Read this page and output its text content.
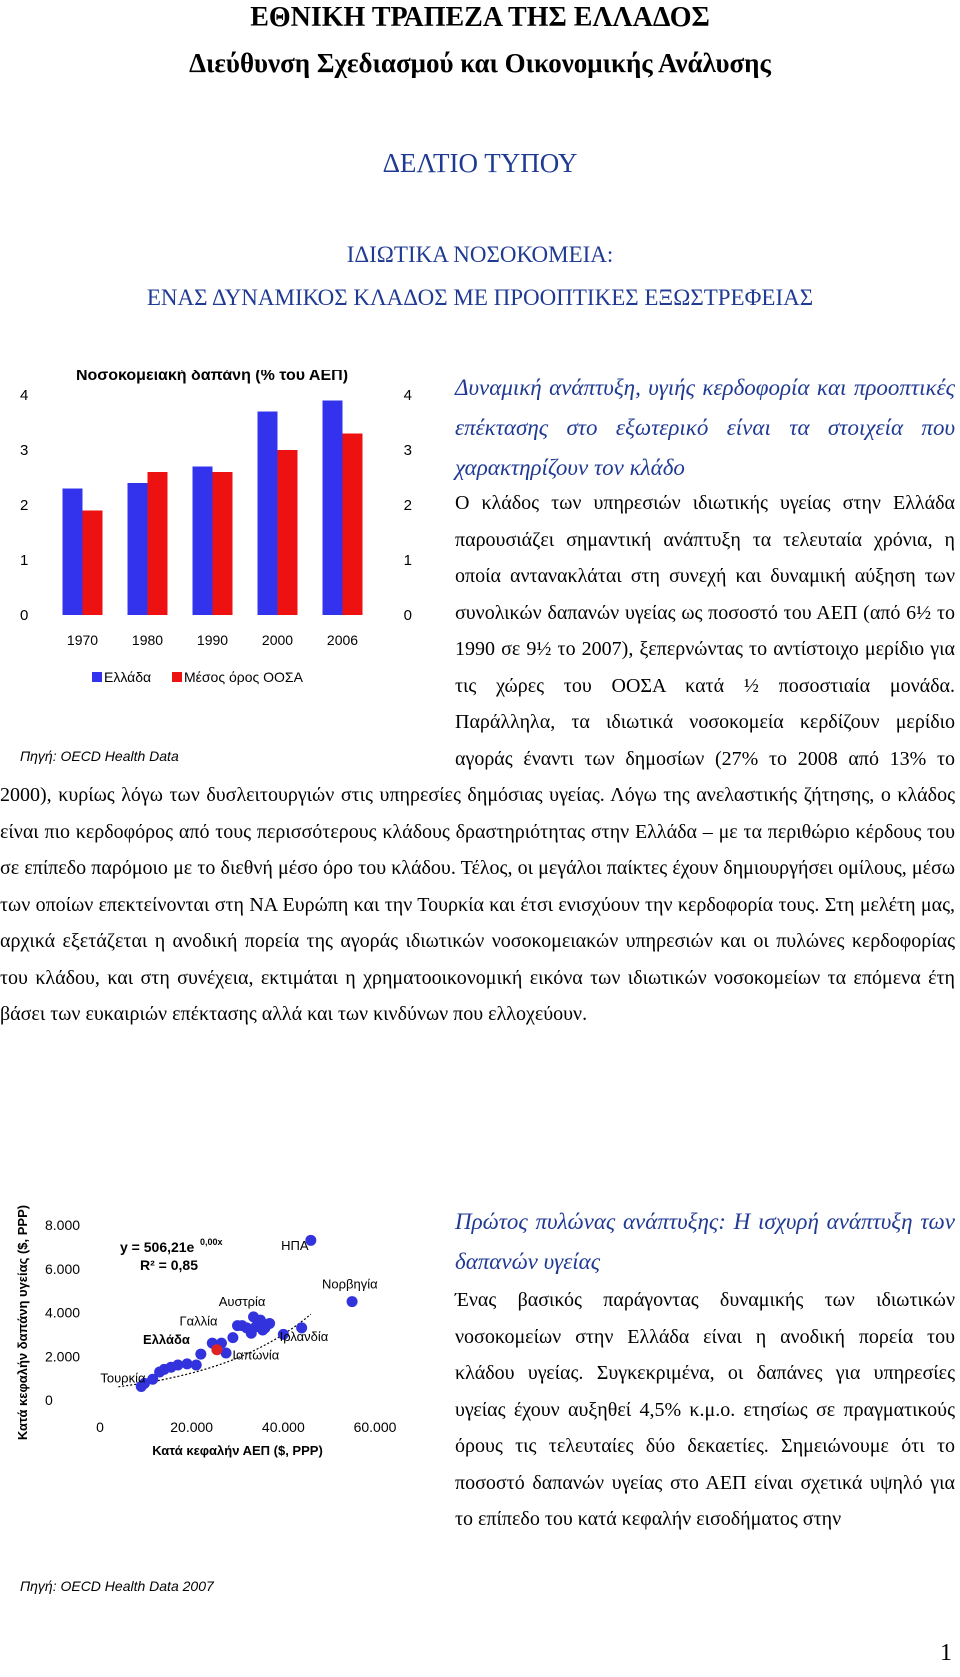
ΕΘΝΙΚΗ ΤΡΑΠΕΖΑ ΤΗΣ ΕΛΛΑΔΟΣ
Διεύθυνση Σχεδιασμού και Οικονομικής Ανάλυσης
ΔΕΛΤΙΟ ΤΥΠΟΥ
ΙΔΙΩΤΙΚΑ ΝΟΣΟΚΟΜΕΙΑ:
ΕΝΑΣ ΔΥΝΑΜΙΚΟΣ ΚΛΑΔΟΣ ΜΕ ΠΡΟΟΠΤΙΚΕΣ ΕΞΩΣΤΡΕΦΕΙΑΣ
Νοσοκομειακή δαπάνη (% του ΑΕΠ)
0	0
1	1
2	2
3	3
4	4
1970 1980 1990 2000 2006
Ελλάδα Μέσος όρος ΟΟΣΑ
Πηγή: OECD Health Data
Δυναμική ανάπτυξη, υγιής κερδοφορία και προοπτικές επέκτασης στο εξωτερικό είναι τα στοιχεία που χαρακτηρίζουν τον κλάδο
Ο κλάδος των υπηρεσιών ιδιωτικής υγείας στην Ελλάδα παρουσιάζει σημαντική ανάπτυξη τα τελευταία χρόνια, η οποία αντανακλάται στη συνεχή και δυναμική αύξηση των συνολικών δαπανών υγείας ως ποσοστό του ΑΕΠ (από 6½ το 1990 σε 9½ το 2007), ξεπερνώντας το αντίστοιχο μερίδιο για τις χώρες του ΟΟΣΑ κατά ½ ποσοστιαία μονάδα. Παράλληλα, τα ιδιωτικά νοσοκομεία κερδίζουν μερίδιο αγοράς έναντι των δημοσίων (27% το 2008 από 13% το 2000), κυρίως λόγω των δυσλειτουργιών στις υπηρεσίες δημόσιας υγείας. Λόγω της ανελαστικής ζήτησης, ο κλάδος είναι πιο κερδοφόρος από τους περισσότερους κλάδους δραστηριότητας στην Ελλάδα – με τα περιθώριο κέρδους του σε επίπεδο παρόμοιο με το διεθνή μέσο όρο του κλάδου. Τέλος, οι μεγάλοι παίκτες έχουν δημιουργήσει ομίλους, μέσω των οποίων επεκτείνονται στη ΝΑ Ευρώπη και την Τουρκία και έτσι ενισχύουν την κερδοφορία τους. Στη μελέτη μας, αρχικά εξετάζεται η ανοδική πορεία της αγοράς ιδιωτικών νοσοκομειακών υπηρεσιών και οι πυλώνες κερδοφορίας του κλάδου, και στη συνέχεια, εκτιμάται η χρηματοοικονομική εικόνα των ιδιωτικών νοσοκομείων τα επόμενα έτη βάσει των ευκαιριών επέκτασης αλλά και των κινδύνων που ελλοχεύουν.
Κατά κεφαλήν δαπάνη υγείας ($, PPP) 0
2.000
4.000
6.000
8.000
0	20.000	40.000	60.000
Κατά κεφαλήν ΑΕΠ ($, PPP)
y = 506,21e 0,00x
R² = 0,85
ΗΠΑ
Νορβηγία
Αυστρία
Γαλλία
Ελλάδα	Ιρλανδία
Ιαπωνία
Τουρκία
Πηγή: OECD Health Data 2007
Πρώτος πυλώνας ανάπτυξης: Η ισχυρή ανάπτυξη των δαπανών υγείας
Ένας βασικός παράγοντας δυναμικής των ιδιωτικών νοσοκομείων στην Ελλάδα είναι η ανοδική πορεία του κλάδου υγείας. Συγκεκριμένα, οι δαπάνες για υπηρεσίες υγείας έχουν αυξηθεί 4,5% κ.μ.ο. ετησίως σε πραγματικούς όρους τις τελευταίες δύο δεκαετίες. Σημειώνουμε ότι το ποσοστό δαπανών υγείας στο ΑΕΠ είναι σχετικά υψηλό για το επίπεδο του κατά κεφαλήν εισοδήματος στην
1
